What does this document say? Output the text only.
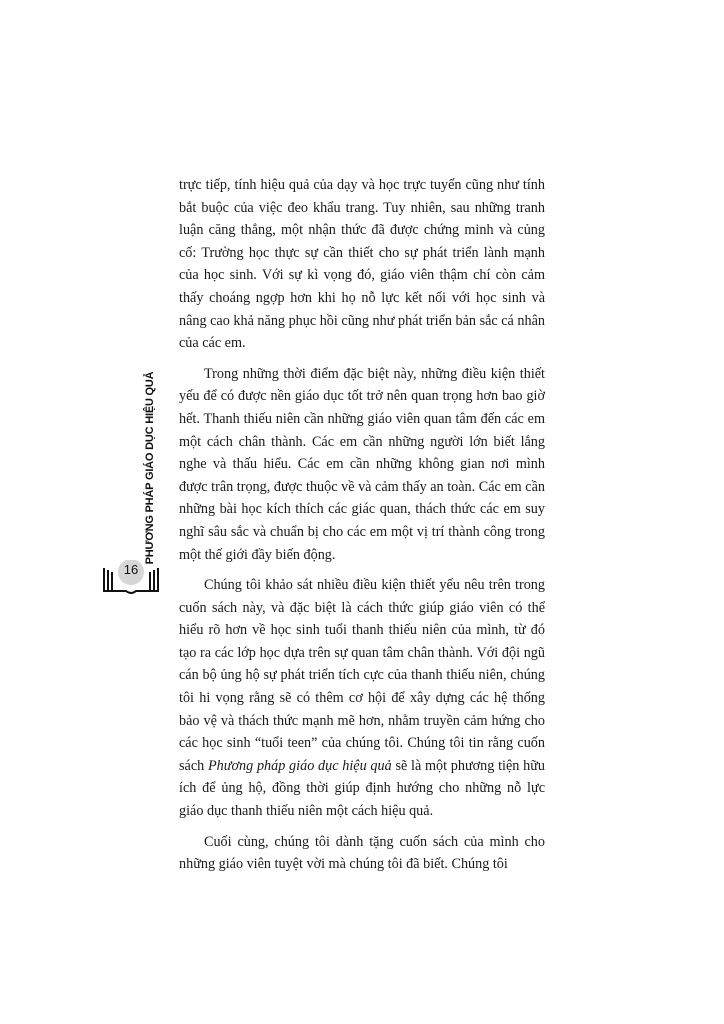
PHƯƠNG PHÁP GIÁO DỤC HIỆU QUẢ
16

trực tiếp, tính hiệu quả của dạy và học trực tuyến cũng như tính bắt buộc của việc đeo khẩu trang. Tuy nhiên, sau những tranh luận căng thẳng, một nhận thức đã được chứng minh và củng cố: Trường học thực sự cần thiết cho sự phát triển lành mạnh của học sinh. Với sự kì vọng đó, giáo viên thậm chí còn cảm thấy choáng ngợp hơn khi họ nỗ lực kết nối với học sinh và nâng cao khả năng phục hồi cũng như phát triển bản sắc cá nhân của các em.

Trong những thời điểm đặc biệt này, những điều kiện thiết yếu để có được nền giáo dục tốt trở nên quan trọng hơn bao giờ hết. Thanh thiếu niên cần những giáo viên quan tâm đến các em một cách chân thành. Các em cần những người lớn biết lắng nghe và thấu hiểu. Các em cần những không gian nơi mình được trân trọng, được thuộc về và cảm thấy an toàn. Các em cần những bài học kích thích các giác quan, thách thức các em suy nghĩ sâu sắc và chuẩn bị cho các em một vị trí thành công trong một thế giới đầy biến động.

Chúng tôi khảo sát nhiều điều kiện thiết yếu nêu trên trong cuốn sách này, và đặc biệt là cách thức giúp giáo viên có thể hiểu rõ hơn về học sinh tuổi thanh thiếu niên của mình, từ đó tạo ra các lớp học dựa trên sự quan tâm chân thành. Với đội ngũ cán bộ ủng hộ sự phát triển tích cực của thanh thiếu niên, chúng tôi hi vọng rằng sẽ có thêm cơ hội để xây dựng các hệ thống bảo vệ và thách thức mạnh mẽ hơn, nhằm truyền cảm hứng cho các học sinh “tuổi teen” của chúng tôi. Chúng tôi tin rằng cuốn sách Phương pháp giáo dục hiệu quả sẽ là một phương tiện hữu ích để ủng hộ, đồng thời giúp định hướng cho những nỗ lực giáo dục thanh thiếu niên một cách hiệu quả.

Cuối cùng, chúng tôi dành tặng cuốn sách của mình cho những giáo viên tuyệt vời mà chúng tôi đã biết. Chúng tôi
